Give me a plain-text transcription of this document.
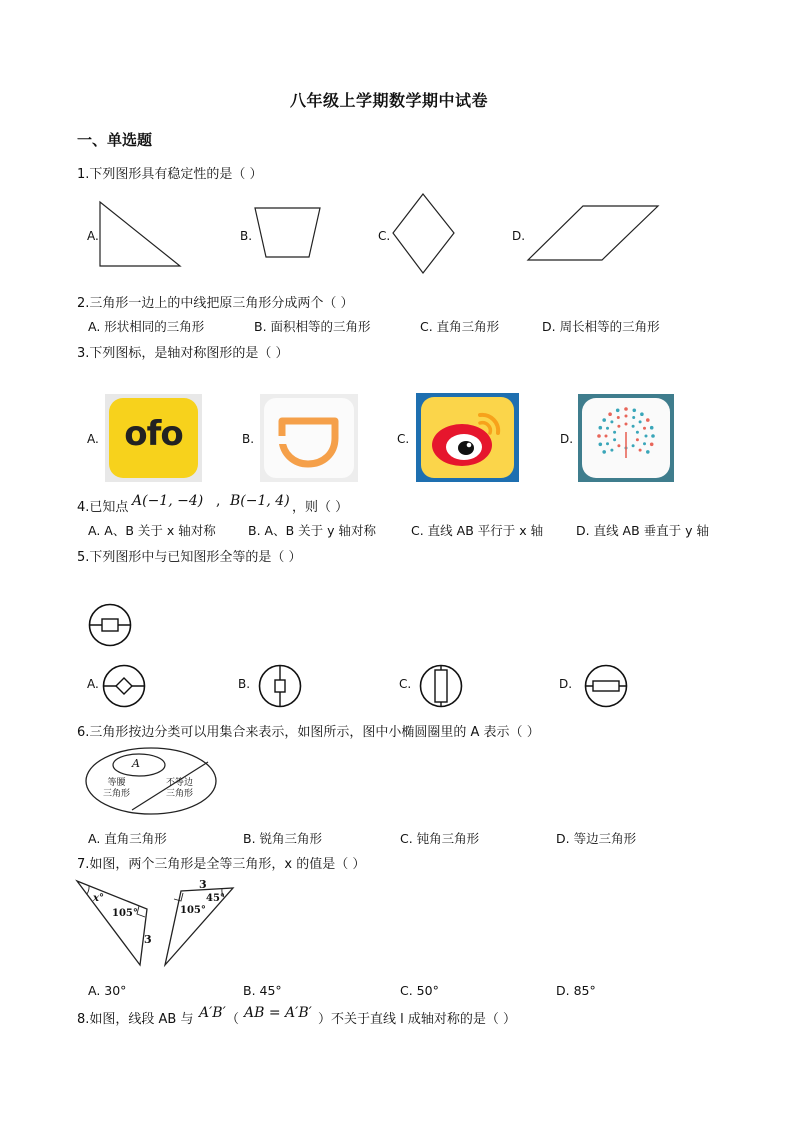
八年级上学期数学期中试卷
一、单选题
1.下列图形具有稳定性的是（ ）
A.	B.	C.	D.
2.三角形一边上的中线把原三角形分成两个（ ）
A. 形状相同的三角形	B. 面积相等的三角形	C. 直角三角形	D. 周长相等的三角形
3.下列图标，是轴对称图形的是（ ）
A. ofo	B.	C.	D.
4.已知点 A(−1, −4) , B(−1, 4) ，则（ ）
A. A、B 关于 x 轴对称	B. A、B 关于 y 轴对称	C. 直线 AB 平行于 x 轴	D. 直线 AB 垂直于 y 轴
5.下列图形中与已知图形全等的是（ ）
A.	B.	C.	D.
6.三角形按边分类可以用集合来表示，如图所示，图中小椭圆圈里的 A 表示（ ）
A
等腰
三角形
不等边
三角形
A. 直角三角形	B. 锐角三角形	C. 钝角三角形	D. 等边三角形
7.如图，两个三角形是全等三角形，x 的值是（ ）
x°
105°
3
3
105°
45°
A. 30°	B. 45°	C. 50°	D. 85°
8.如图，线段 AB 与 A′B′ （ AB = A′B′ ）不关于直线 l 成轴对称的是（ ）
